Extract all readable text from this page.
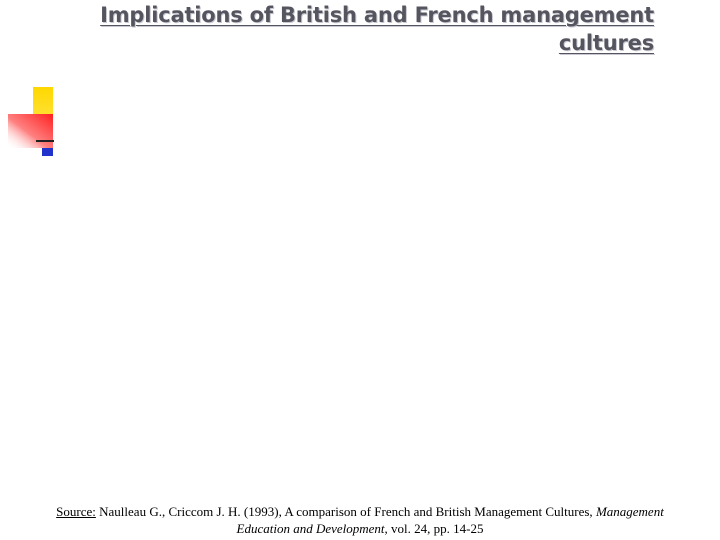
Implications of British and French management
cultures
Source: Naulleau G., Criccom J. H. (1993), A comparison of French and British Management Cultures, Management
Education and Development, vol. 24, pp. 14-25
